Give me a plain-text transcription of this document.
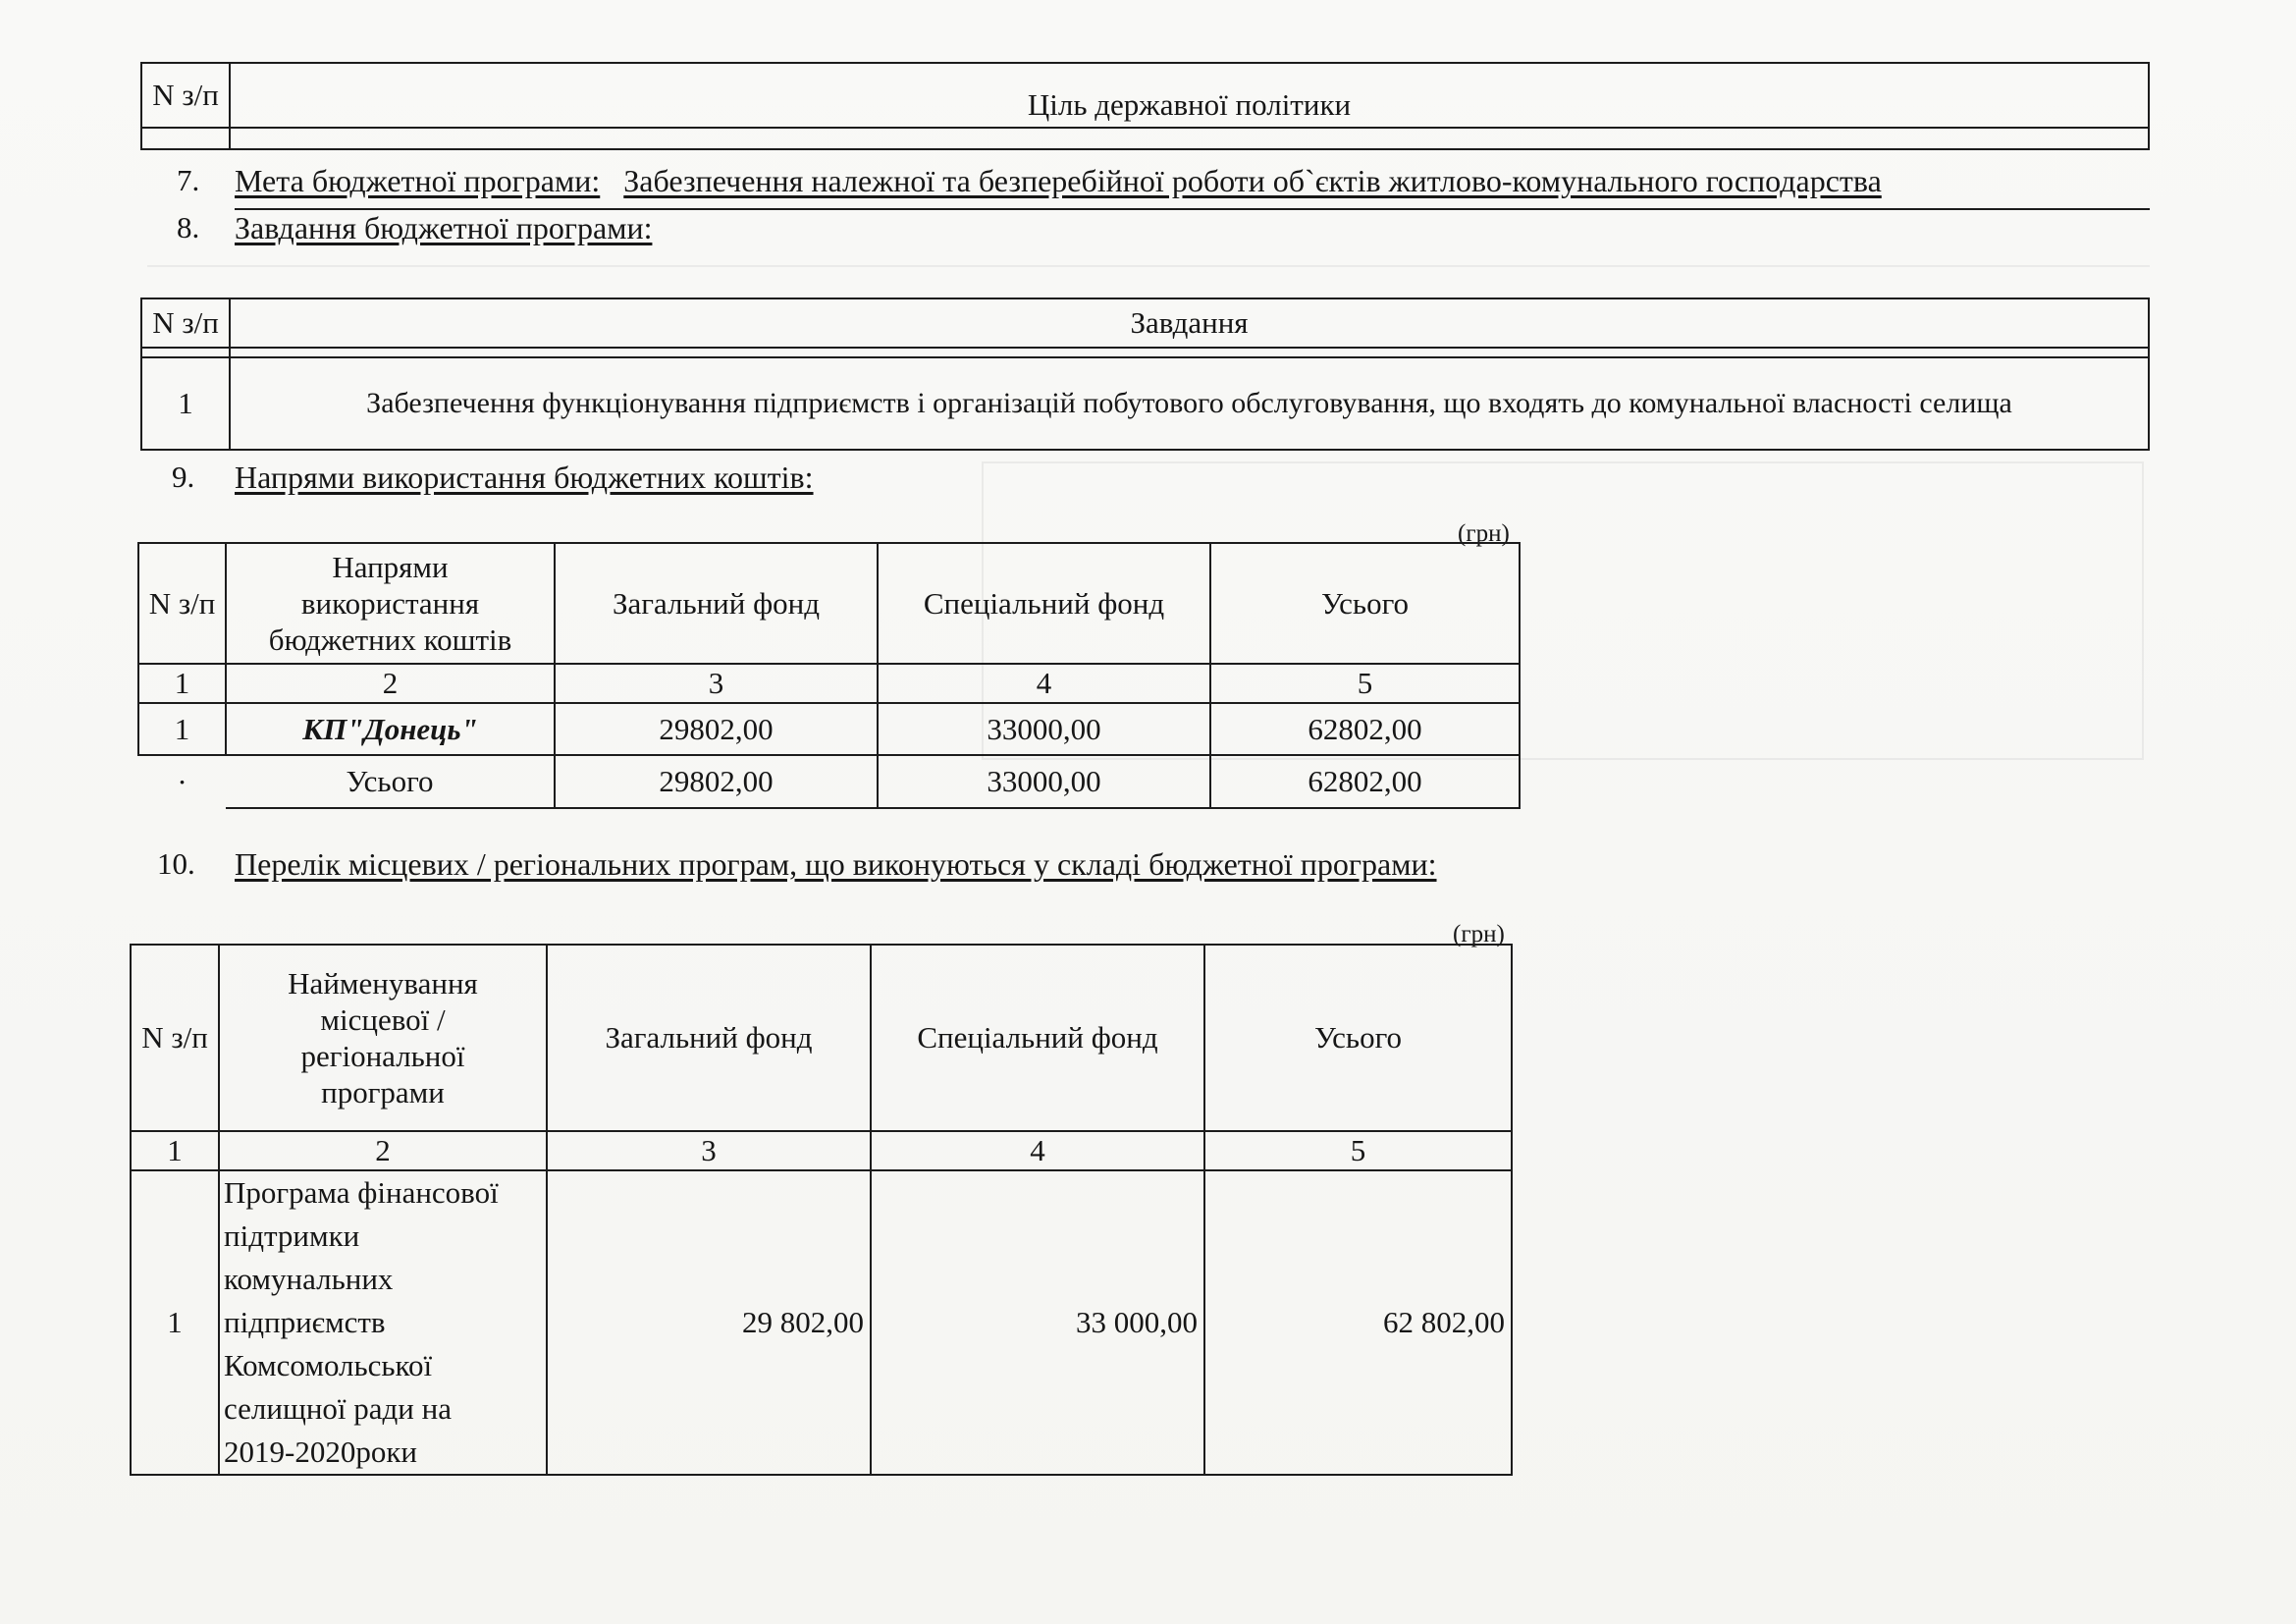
N з/п	Ціль державної політики

7. Мета бюджетної програми: Забезпечення належної та безперебійної роботи об`єктів житлово-комунального господарства
8. Завдання бюджетної програми:
N з/п	Завдання

1	Забезпечення функціонування підприємств і організацій побутового обслуговування, що входять до комунальної власності селища
9. Напрями використання бюджетних коштів:
(грн)
N з/п	Напрями використання бюджетних коштів	Загальний фонд	Спеціальний фонд	Усього
1	2	3	4	5
1	КП"Донець"	29802,00	33000,00	62802,00
·	Усього	29802,00	33000,00	62802,00
10. Перелік місцевих / регіональних програм, що виконуються у складі бюджетної програми:
(грн)
N з/п	Найменування місцевої / регіональної програми	Загальний фонд	Спеціальний фонд	Усього
1	2	3	4	5
1	Програма фінансової підтримки комунальних підприємств Комсомольської селищної ради на 2019-2020роки	29 802,00	33 000,00	62 802,00
